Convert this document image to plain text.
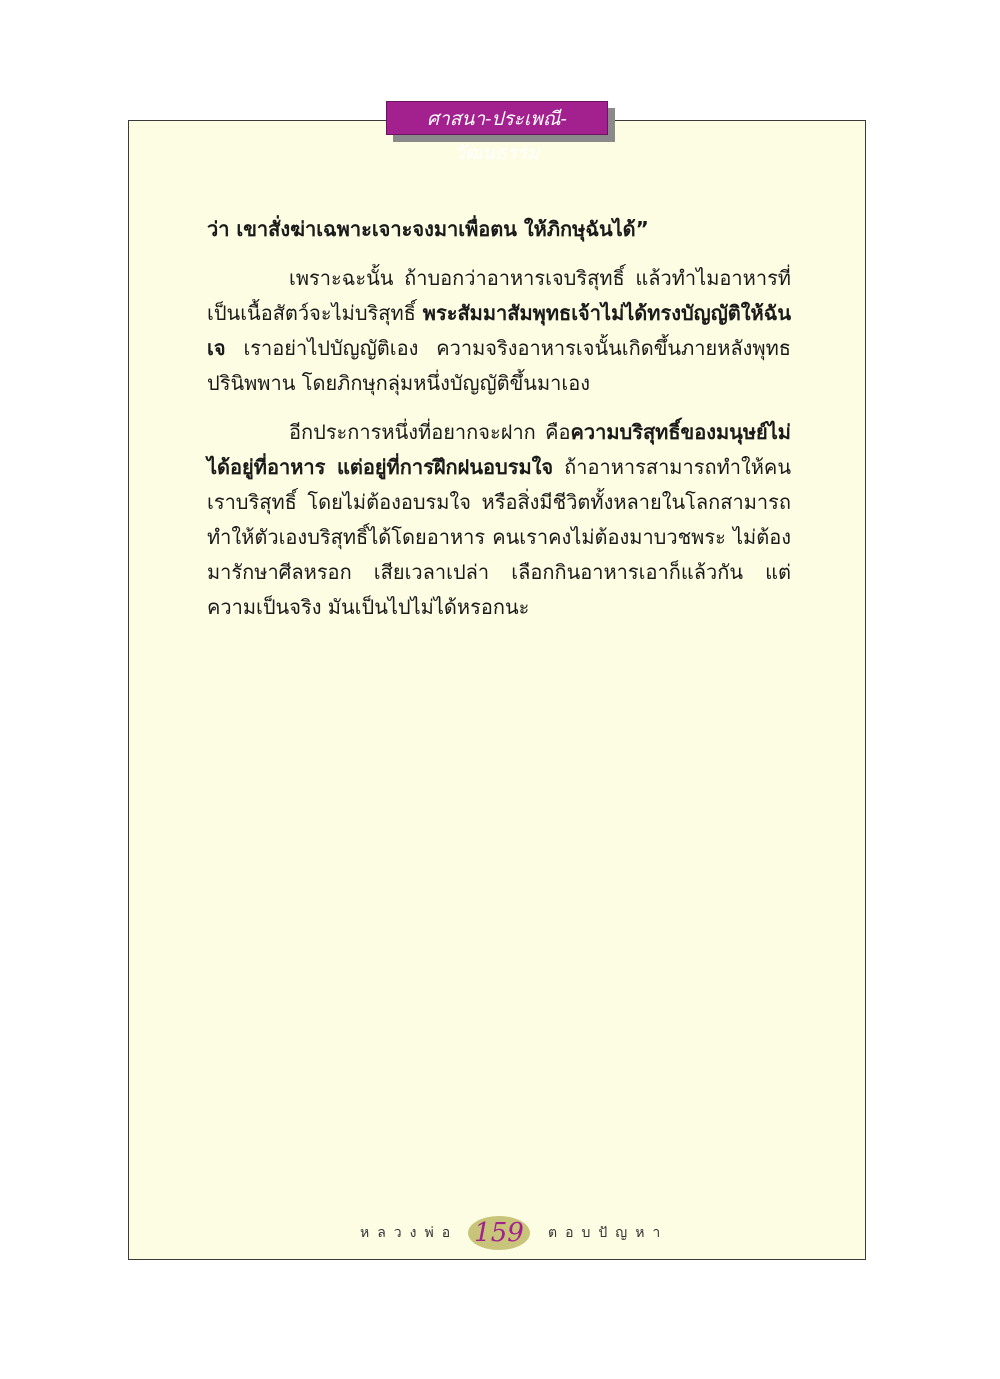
ศาสนา-ประเพณี-วัฒนธรรม

ว่า เขาสั่งฆ่าเฉพาะเจาะจงมาเพื่อตน ให้ภิกษุฉันได้”

เพราะฉะนั้น ถ้าบอกว่าอาหารเจบริสุทธิ์ แล้วทำไมอาหารที่เป็นเนื้อสัตว์จะไม่บริสุทธิ์ พระสัมมาสัมพุทธเจ้าไม่ได้ทรงบัญญัติให้ฉันเจ เราอย่าไปบัญญัติเอง ความจริงอาหารเจนั้นเกิดขึ้นภายหลังพุทธปรินิพพาน โดยภิกษุกลุ่มหนึ่งบัญญัติขึ้นมาเอง

อีกประการหนึ่งที่อยากจะฝาก คือความบริสุทธิ์ของมนุษย์ไม่ได้อยู่ที่อาหาร แต่อยู่ที่การฝึกฝนอบรมใจ ถ้าอาหารสามารถทำให้คนเราบริสุทธิ์ โดยไม่ต้องอบรมใจ หรือสิ่งมีชีวิตทั้งหลายในโลกสามารถทำให้ตัวเองบริสุทธิ์ได้โดยอาหาร คนเราคงไม่ต้องมาบวชพระ ไม่ต้องมารักษาศีลหรอก เสียเวลาเปล่า เลือกกินอาหารเอาก็แล้วกัน แต่ความเป็นจริง มันเป็นไปไม่ได้หรอกนะ

หลวงพ่อ 159	ตอบปัญหา
